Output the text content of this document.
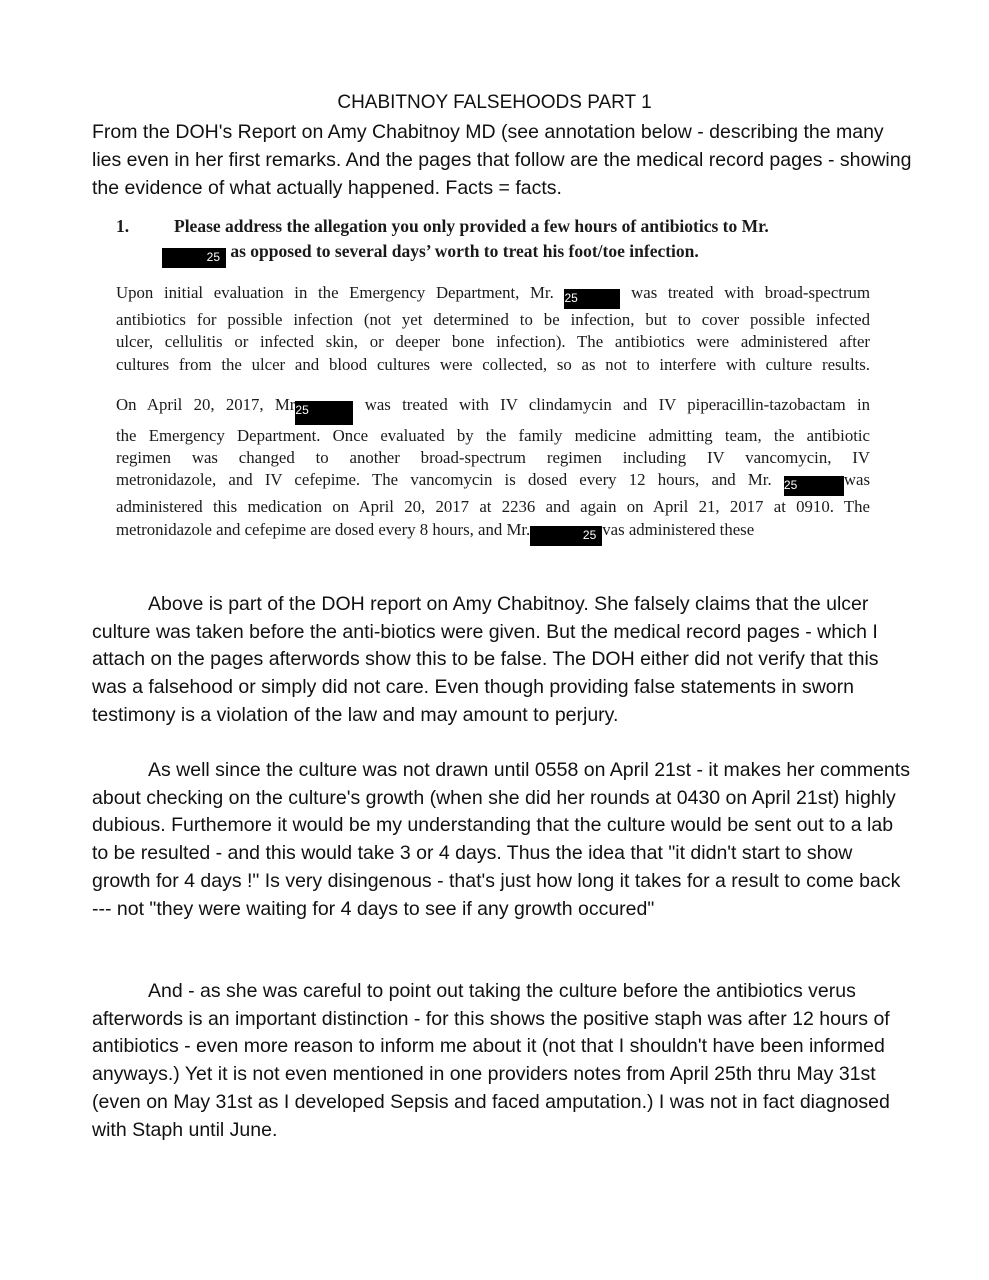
CHABITNOY FALSEHOODS PART 1
From the DOH's Report on Amy Chabitnoy MD (see annotation below - describing the many lies even in her first remarks. And the pages that follow are the medical record pages - showing the evidence of what actually happened. Facts = facts.
1.	Please address the allegation you only provided a few hours of antibiotics to Mr.
25 as opposed to several days’ worth to treat his foot/toe infection.
Upon initial evaluation in the Emergency Department, Mr. 25	was treated with broad-spectrum
antibiotics for possible infection (not yet determined to be infection, but to cover possible infected
ulcer, cellulitis or infected skin, or deeper bone infection). The antibiotics were administered after
cultures from the ulcer and blood cultures were collected, so as not to interfere with culture results.
On April 20, 2017, Mr25	was treated with IV clindamycin and IV piperacillin-tazobactam in
the Emergency Department. Once evaluated by the family medicine admitting team, the antibiotic
regimen was changed to another broad-spectrum regimen including IV vancomycin, IV
metronidazole, and IV cefepime. The vancomycin is dosed every 12 hours, and Mr. 25	was
administered this medication on April 20, 2017 at 2236 and again on April 21, 2017 at 0910. The
metronidazole and cefepime are dosed every 8 hours, and Mr.	25 vas administered these

Above is part of the DOH report on Amy Chabitnoy. She falsely claims that the ulcer culture was taken before the anti-biotics were given. But the medical record pages - which I attach on the pages afterwords show this to be false. The DOH either did not verify that this was a falsehood or simply did not care. Even though providing false statements in sworn testimony is a violation of the law and may amount to perjury.

As well since the culture was not drawn until 0558 on April 21st - it makes her comments about checking on the culture's growth (when she did her rounds at 0430 on April 21st) highly dubious. Furthemore it would be my understanding that the culture would be sent out to a lab to be resulted - and this would take 3 or 4 days. Thus the idea that "it didn't start to show growth for 4 days !" Is very disingenous - that's just how long it takes for a result to come back --- not "they were waiting for 4 days to see if any growth occured"

And - as she was careful to point out taking the culture before the antibiotics verus afterwords is an important distinction - for this shows the positive staph was after 12 hours of antibiotics - even more reason to inform me about it (not that I shouldn't have been informed anyways.) Yet it is not even mentioned in one providers notes from April 25th thru May 31st (even on May 31st as I developed Sepsis and faced amputation.) I was not in fact diagnosed with Staph until June.
